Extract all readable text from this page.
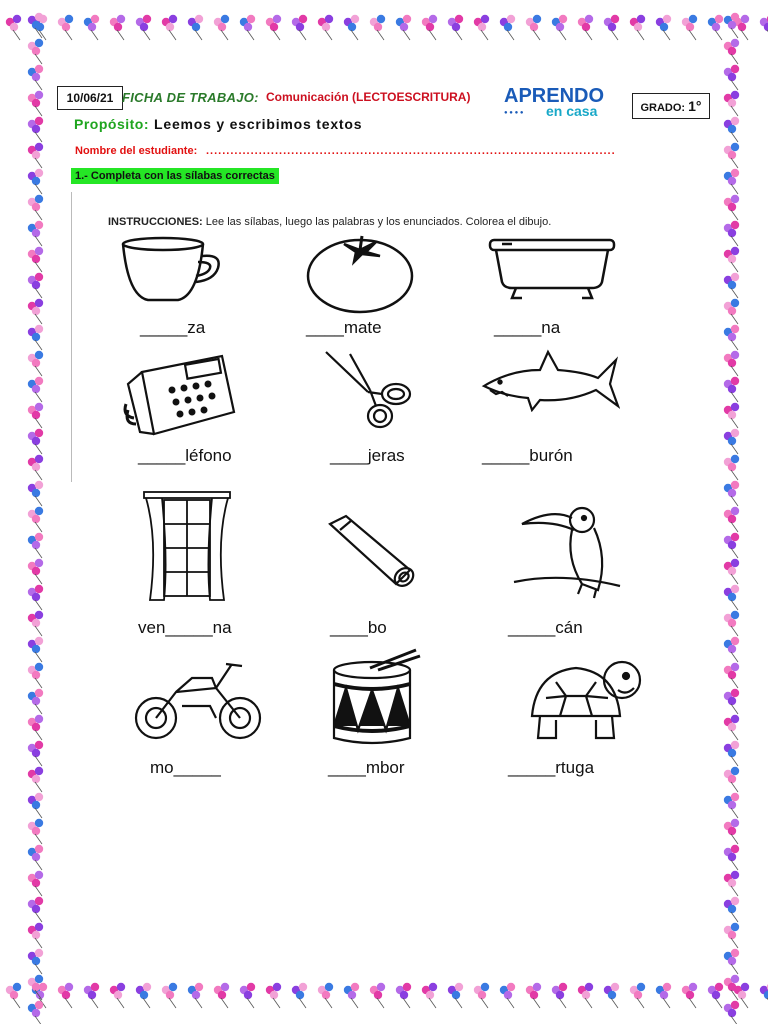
10/06/21 FICHA DE TRABAJO: Comunicación (LECTOESCRITURA) APRENDO
● ● ● ● en casa	GRADO: 1°
Propósito: Leemos y escribimos textos
Nombre del estudiante: .....................................................................................................
1.- Completa con las sílabas correctas
INSTRUCCIONES: Lee las sílabas, luego las palabras y los enunciados. Colorea el dibujo.
_____za	____mate	_____na
_____léfono	____jeras	_____burón
ven_____na	____bo	_____cán
mo_____	____mbor	_____rtuga
